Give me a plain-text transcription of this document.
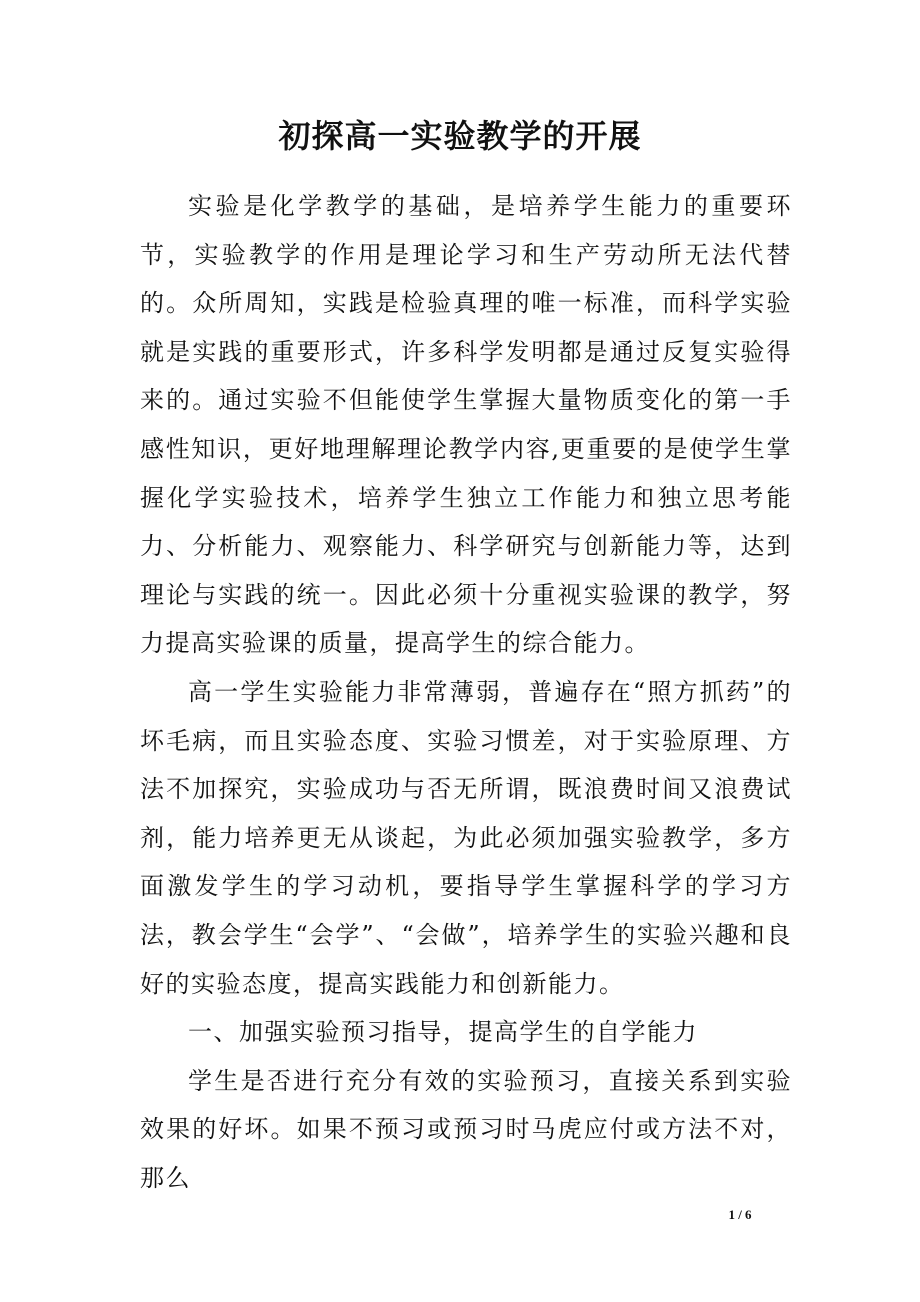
初探高一实验教学的开展

实验是化学教学的基础，是培养学生能力的重要环节，实验教学的作用是理论学习和生产劳动所无法代替的。众所周知，实践是检验真理的唯一标准，而科学实验就是实践的重要形式，许多科学发明都是通过反复实验得来的。通过实验不但能使学生掌握大量物质变化的第一手感性知识，更好地理解理论教学内容,更重要的是使学生掌握化学实验技术，培养学生独立工作能力和独立思考能力、分析能力、观察能力、科学研究与创新能力等，达到理论与实践的统一。因此必须十分重视实验课的教学，努力提高实验课的质量，提高学生的综合能力。

高一学生实验能力非常薄弱，普遍存在“照方抓药”的坏毛病，而且实验态度、实验习惯差，对于实验原理、方法不加探究，实验成功与否无所谓，既浪费时间又浪费试剂，能力培养更无从谈起，为此必须加强实验教学，多方面激发学生的学习动机，要指导学生掌握科学的学习方法，教会学生“会学”、“会做”，培养学生的实验兴趣和良好的实验态度，提高实践能力和创新能力。

一、加强实验预习指导，提高学生的自学能力

学生是否进行充分有效的实验预习，直接关系到实验效果的好坏。如果不预习或预习时马虎应付或方法不对，那么

1 / 6
